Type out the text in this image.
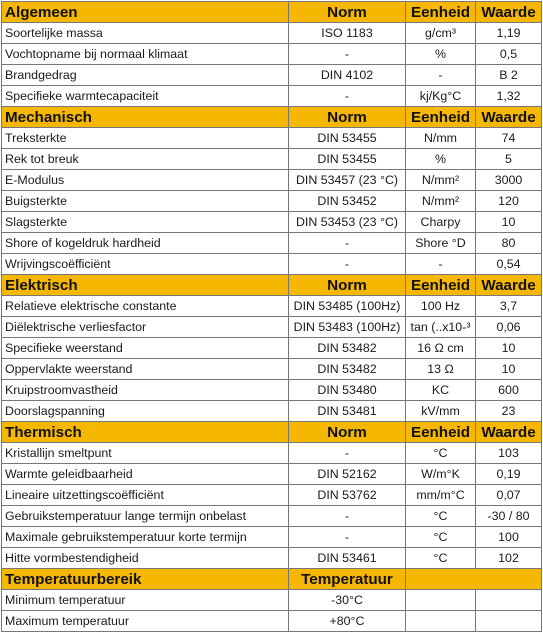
Algemeen	Norm	Eenheid	Waarde
Soortelijke massa	ISO 1183	g/cm³	1,19
Vochtopname bij normaal klimaat	-	%	0,5
Brandgedrag	DIN 4102	-	B 2
Specifieke warmtecapaciteit	-	kj/Kg°C	1,32
Mechanisch	Norm	Eenheid	Waarde
Treksterkte	DIN 53455	N/mm	74
Rek tot breuk	DIN 53455	%	5
E-Modulus	DIN 53457 (23 °C)	N/mm²	3000
Buigsterkte	DIN 53452	N/mm²	120
Slagsterkte	DIN 53453 (23 °C)	Charpy	10
Shore of kogeldruk hardheid	-	Shore °D	80
Wrijvingscoëfficiënt	-	-	0,54
Elektrisch	Norm	Eenheid	Waarde
Relatieve elektrische constante	DIN 53485 (100Hz)	100 Hz	3,7
Diëlektrische verliesfactor	DIN 53483 (100Hz)	tan (..x10-³	0,06
Specifieke weerstand	DIN 53482	16 Ω cm	10
Oppervlakte weerstand	DIN 53482	13 Ω	10
Kruipstroomvastheid	DIN 53480	KC	600
Doorslagspanning	DIN 53481	kV/mm	23
Thermisch	Norm	Eenheid	Waarde
Kristallijn smeltpunt	-	°C	103
Warmte geleidbaarheid	DIN 52162	W/m°K	0,19
Lineaire uitzettingscoëfficiënt	DIN 53762	mm/m°C	0,07
Gebruikstemperatuur lange termijn onbelast	-	°C	-30 / 80
Maximale gebruikstemperatuur korte termijn	-	°C	100
Hitte vormbestendigheid	DIN 53461	°C	102
Temperatuurbereik	Temperatuur		
Minimum temperatuur	-30°C		
Maximum temperatuur	+80°C		
